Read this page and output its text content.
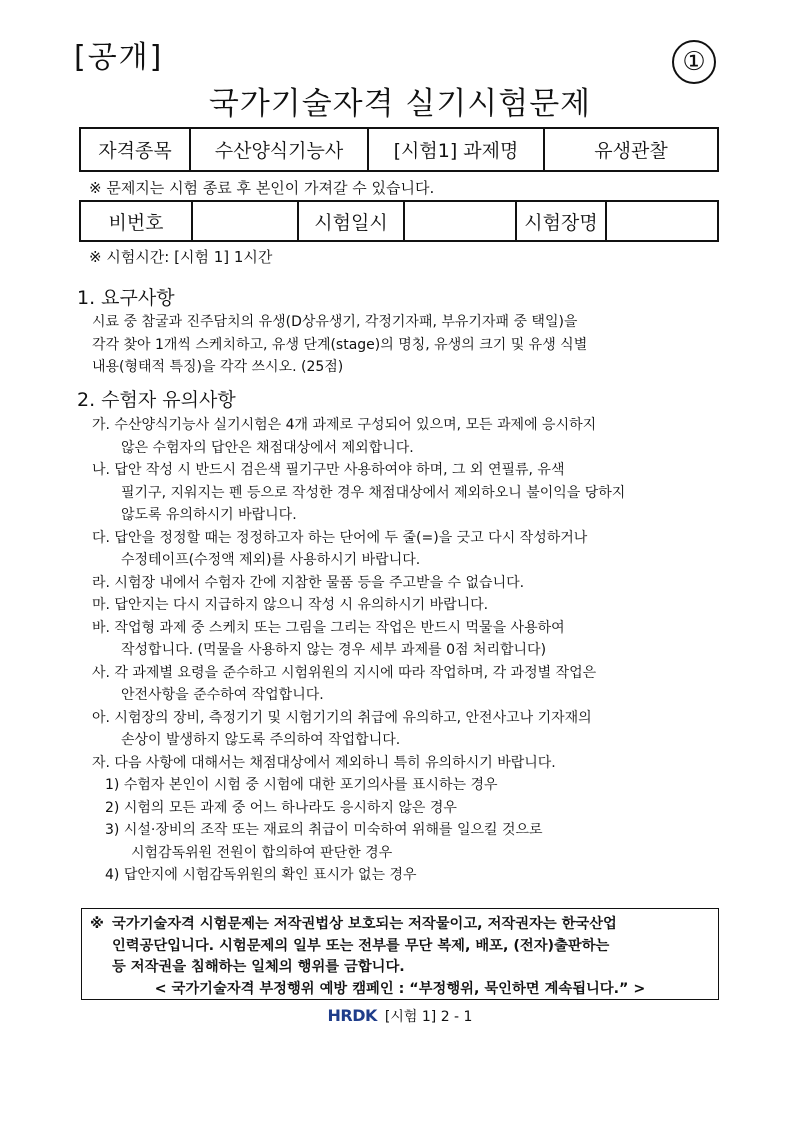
[공개]	①
국가기술자격 실기시험문제
자격종목	수산양식기능사	[시험1] 과제명	유생관찰
※ 문제지는 시험 종료 후 본인이 가져갈 수 있습니다.
비번호		시험일시		시험장명	
※ 시험시간: [시험 1] 1시간
1. 요구사항
시료 중 참굴과 진주담치의 유생(D상유생기, 각정기자패, 부유기자패 중 택일)을
각각 찾아 1개씩 스케치하고, 유생 단계(stage)의 명칭, 유생의 크기 및 유생 식별
내용(형태적 특징)을 각각 쓰시오. (25점)
2. 수험자 유의사항
가. 수산양식기능사 실기시험은 4개 과제로 구성되어 있으며, 모든 과제에 응시하지
않은 수험자의 답안은 채점대상에서 제외합니다.
나. 답안 작성 시 반드시 검은색 필기구만 사용하여야 하며, 그 외 연필류, 유색
필기구, 지워지는 펜 등으로 작성한 경우 채점대상에서 제외하오니 불이익을 당하지
않도록 유의하시기 바랍니다.
다. 답안을 정정할 때는 정정하고자 하는 단어에 두 줄(=)을 긋고 다시 작성하거나
수정테이프(수정액 제외)를 사용하시기 바랍니다.
라. 시험장 내에서 수험자 간에 지참한 물품 등을 주고받을 수 없습니다.
마. 답안지는 다시 지급하지 않으니 작성 시 유의하시기 바랍니다.
바. 작업형 과제 중 스케치 또는 그림을 그리는 작업은 반드시 먹물을 사용하여
작성합니다. (먹물을 사용하지 않는 경우 세부 과제를 0점 처리합니다)
사. 각 과제별 요령을 준수하고 시험위원의 지시에 따라 작업하며, 각 과정별 작업은
안전사항을 준수하여 작업합니다.
아. 시험장의 장비, 측정기기 및 시험기기의 취급에 유의하고, 안전사고나 기자재의
손상이 발생하지 않도록 주의하여 작업합니다.
자. 다음 사항에 대해서는 채점대상에서 제외하니 특히 유의하시기 바랍니다.
1) 수험자 본인이 시험 중 시험에 대한 포기의사를 표시하는 경우
2) 시험의 모든 과제 중 어느 하나라도 응시하지 않은 경우
3) 시설·장비의 조작 또는 재료의 취급이 미숙하여 위해를 일으킬 것으로
시험감독위원 전원이 합의하여 판단한 경우
4) 답안지에 시험감독위원의 확인 표시가 없는 경우
※ 국가기술자격 시험문제는 저작권법상 보호되는 저작물이고, 저작권자는 한국산업
인력공단입니다. 시험문제의 일부 또는 전부를 무단 복제, 배포, (전자)출판하는
등 저작권을 침해하는 일체의 행위를 금합니다.
< 국가기술자격 부정행위 예방 캠페인 : “부정행위, 묵인하면 계속됩니다.” >
HRDK [시험 1] 2 - 1
